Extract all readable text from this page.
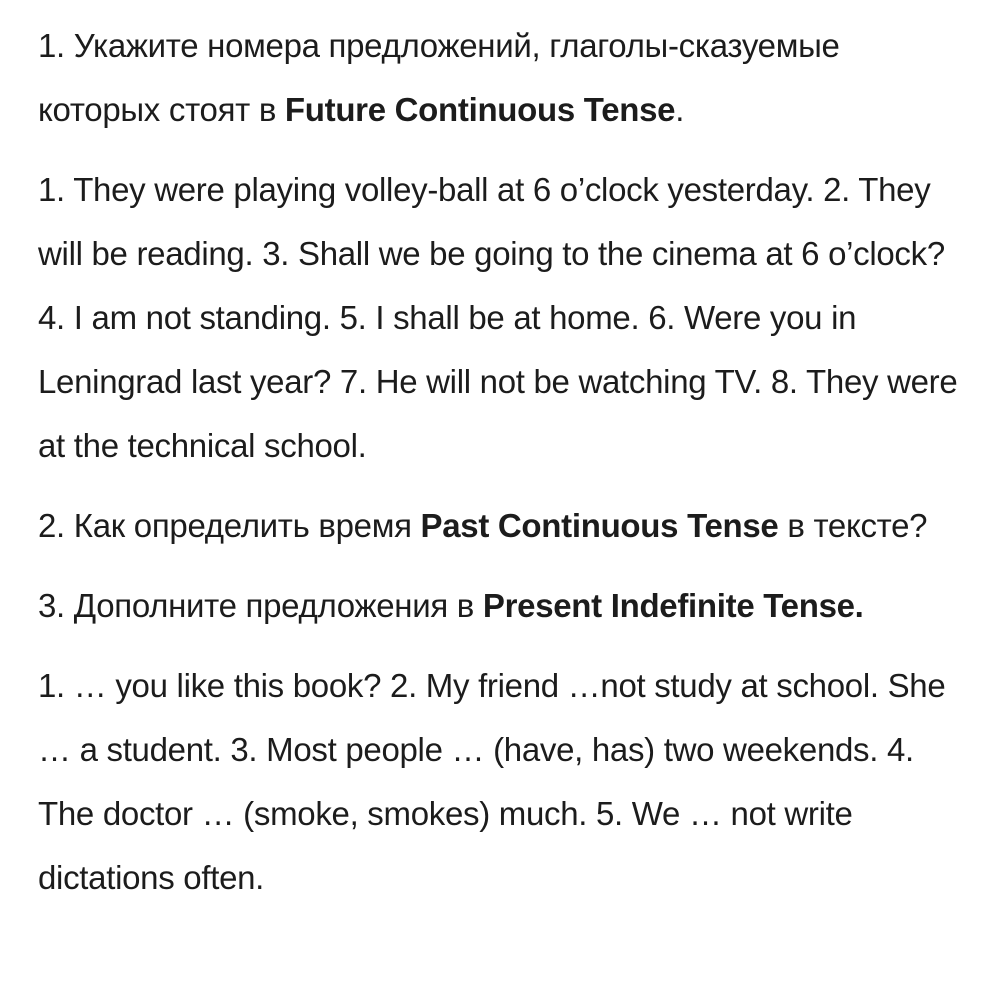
1. Укажите номера предложений, глаголы-сказуемые которых стоят в Future Continuous Tense.

1. They were playing volley-ball at 6 o’clock yesterday. 2. They will be reading. 3. Shall we be going to the cinema at 6 o’clock? 4. I am not standing. 5. I shall be at home. 6. Were you in Leningrad last year? 7. He will not be watching TV. 8. They were at the technical school.

2. Как определить время Past Continuous Tense в тексте?

3. Дополните предложения в Present Indefinite Tense.

1. … you like this book? 2. My friend …not study at school. She … a student. 3. Most people … (have, has) two weekends. 4. The doctor … (smoke, smokes) much. 5. We … not write dictations often.
